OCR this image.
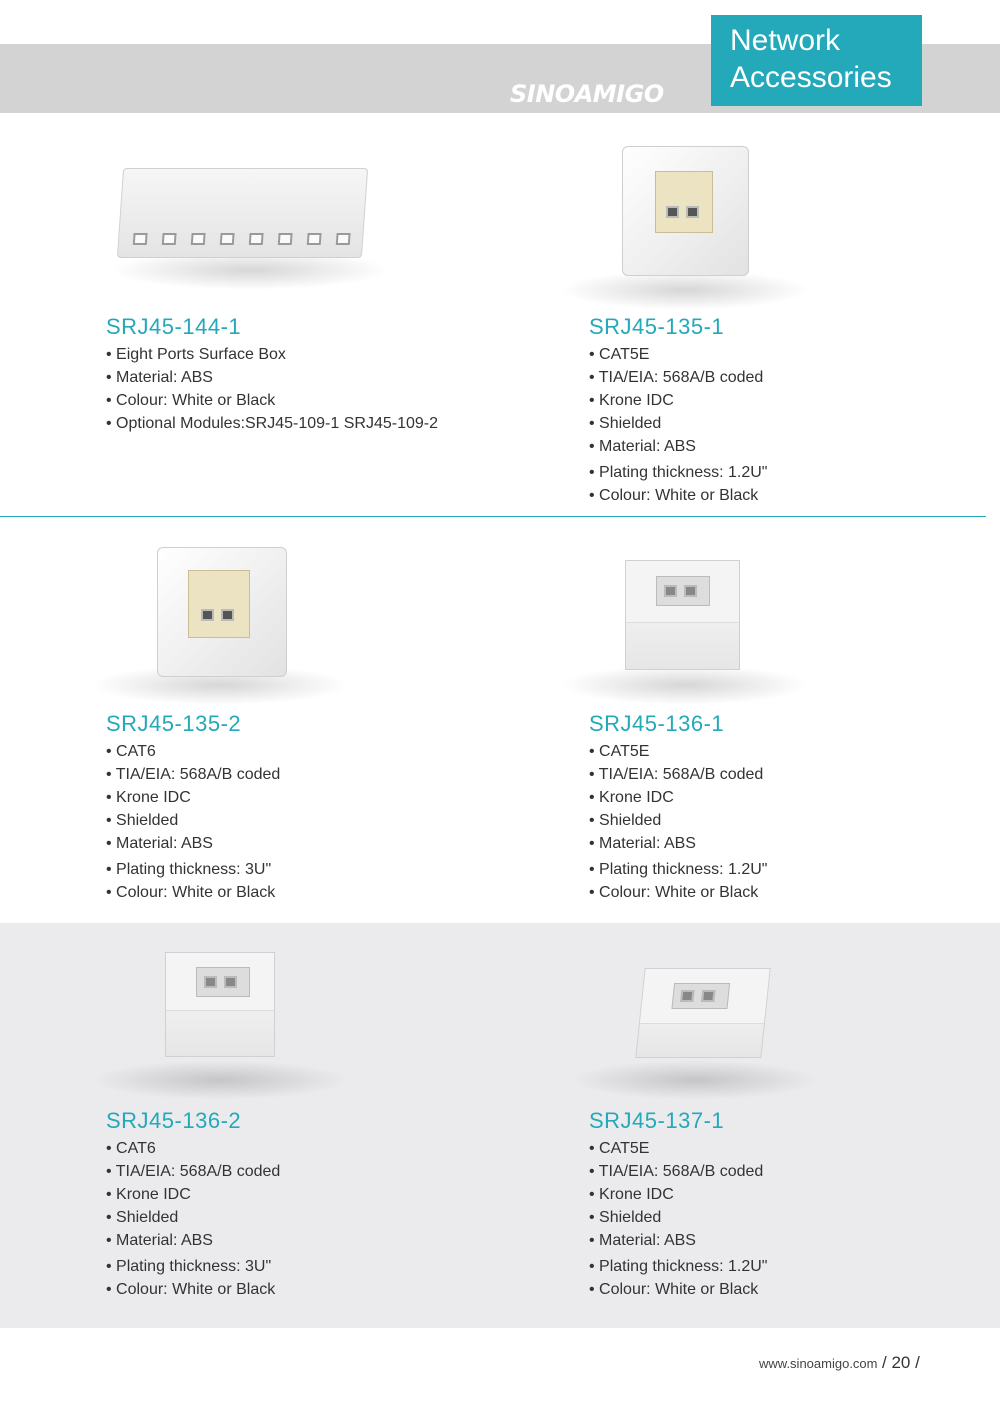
SINOAMIGO
Network
Accessories
SRJ45-144-1
• Eight Ports Surface Box
• Material: ABS
• Colour: White or Black
• Optional Modules:SRJ45-109-1 SRJ45-109-2
SRJ45-135-1
• CAT5E
• TIA/EIA: 568A/B coded
• Krone IDC
• Shielded
• Material: ABS
• Plating thickness: 1.2U"
• Colour: White or Black
SRJ45-135-2
• CAT6
• TIA/EIA: 568A/B coded
• Krone IDC
• Shielded
• Material: ABS
• Plating thickness: 3U"
• Colour: White or Black
SRJ45-136-1
• CAT5E
• TIA/EIA: 568A/B coded
• Krone IDC
• Shielded
• Material: ABS
• Plating thickness: 1.2U"
• Colour: White or Black
SRJ45-136-2
• CAT6
• TIA/EIA: 568A/B coded
• Krone IDC
• Shielded
• Material: ABS
• Plating thickness: 3U"
• Colour: White or Black
SRJ45-137-1
• CAT5E
• TIA/EIA: 568A/B coded
• Krone IDC
• Shielded
• Material: ABS
• Plating thickness: 1.2U"
• Colour: White or Black
www.sinoamigo.com / 20 /
